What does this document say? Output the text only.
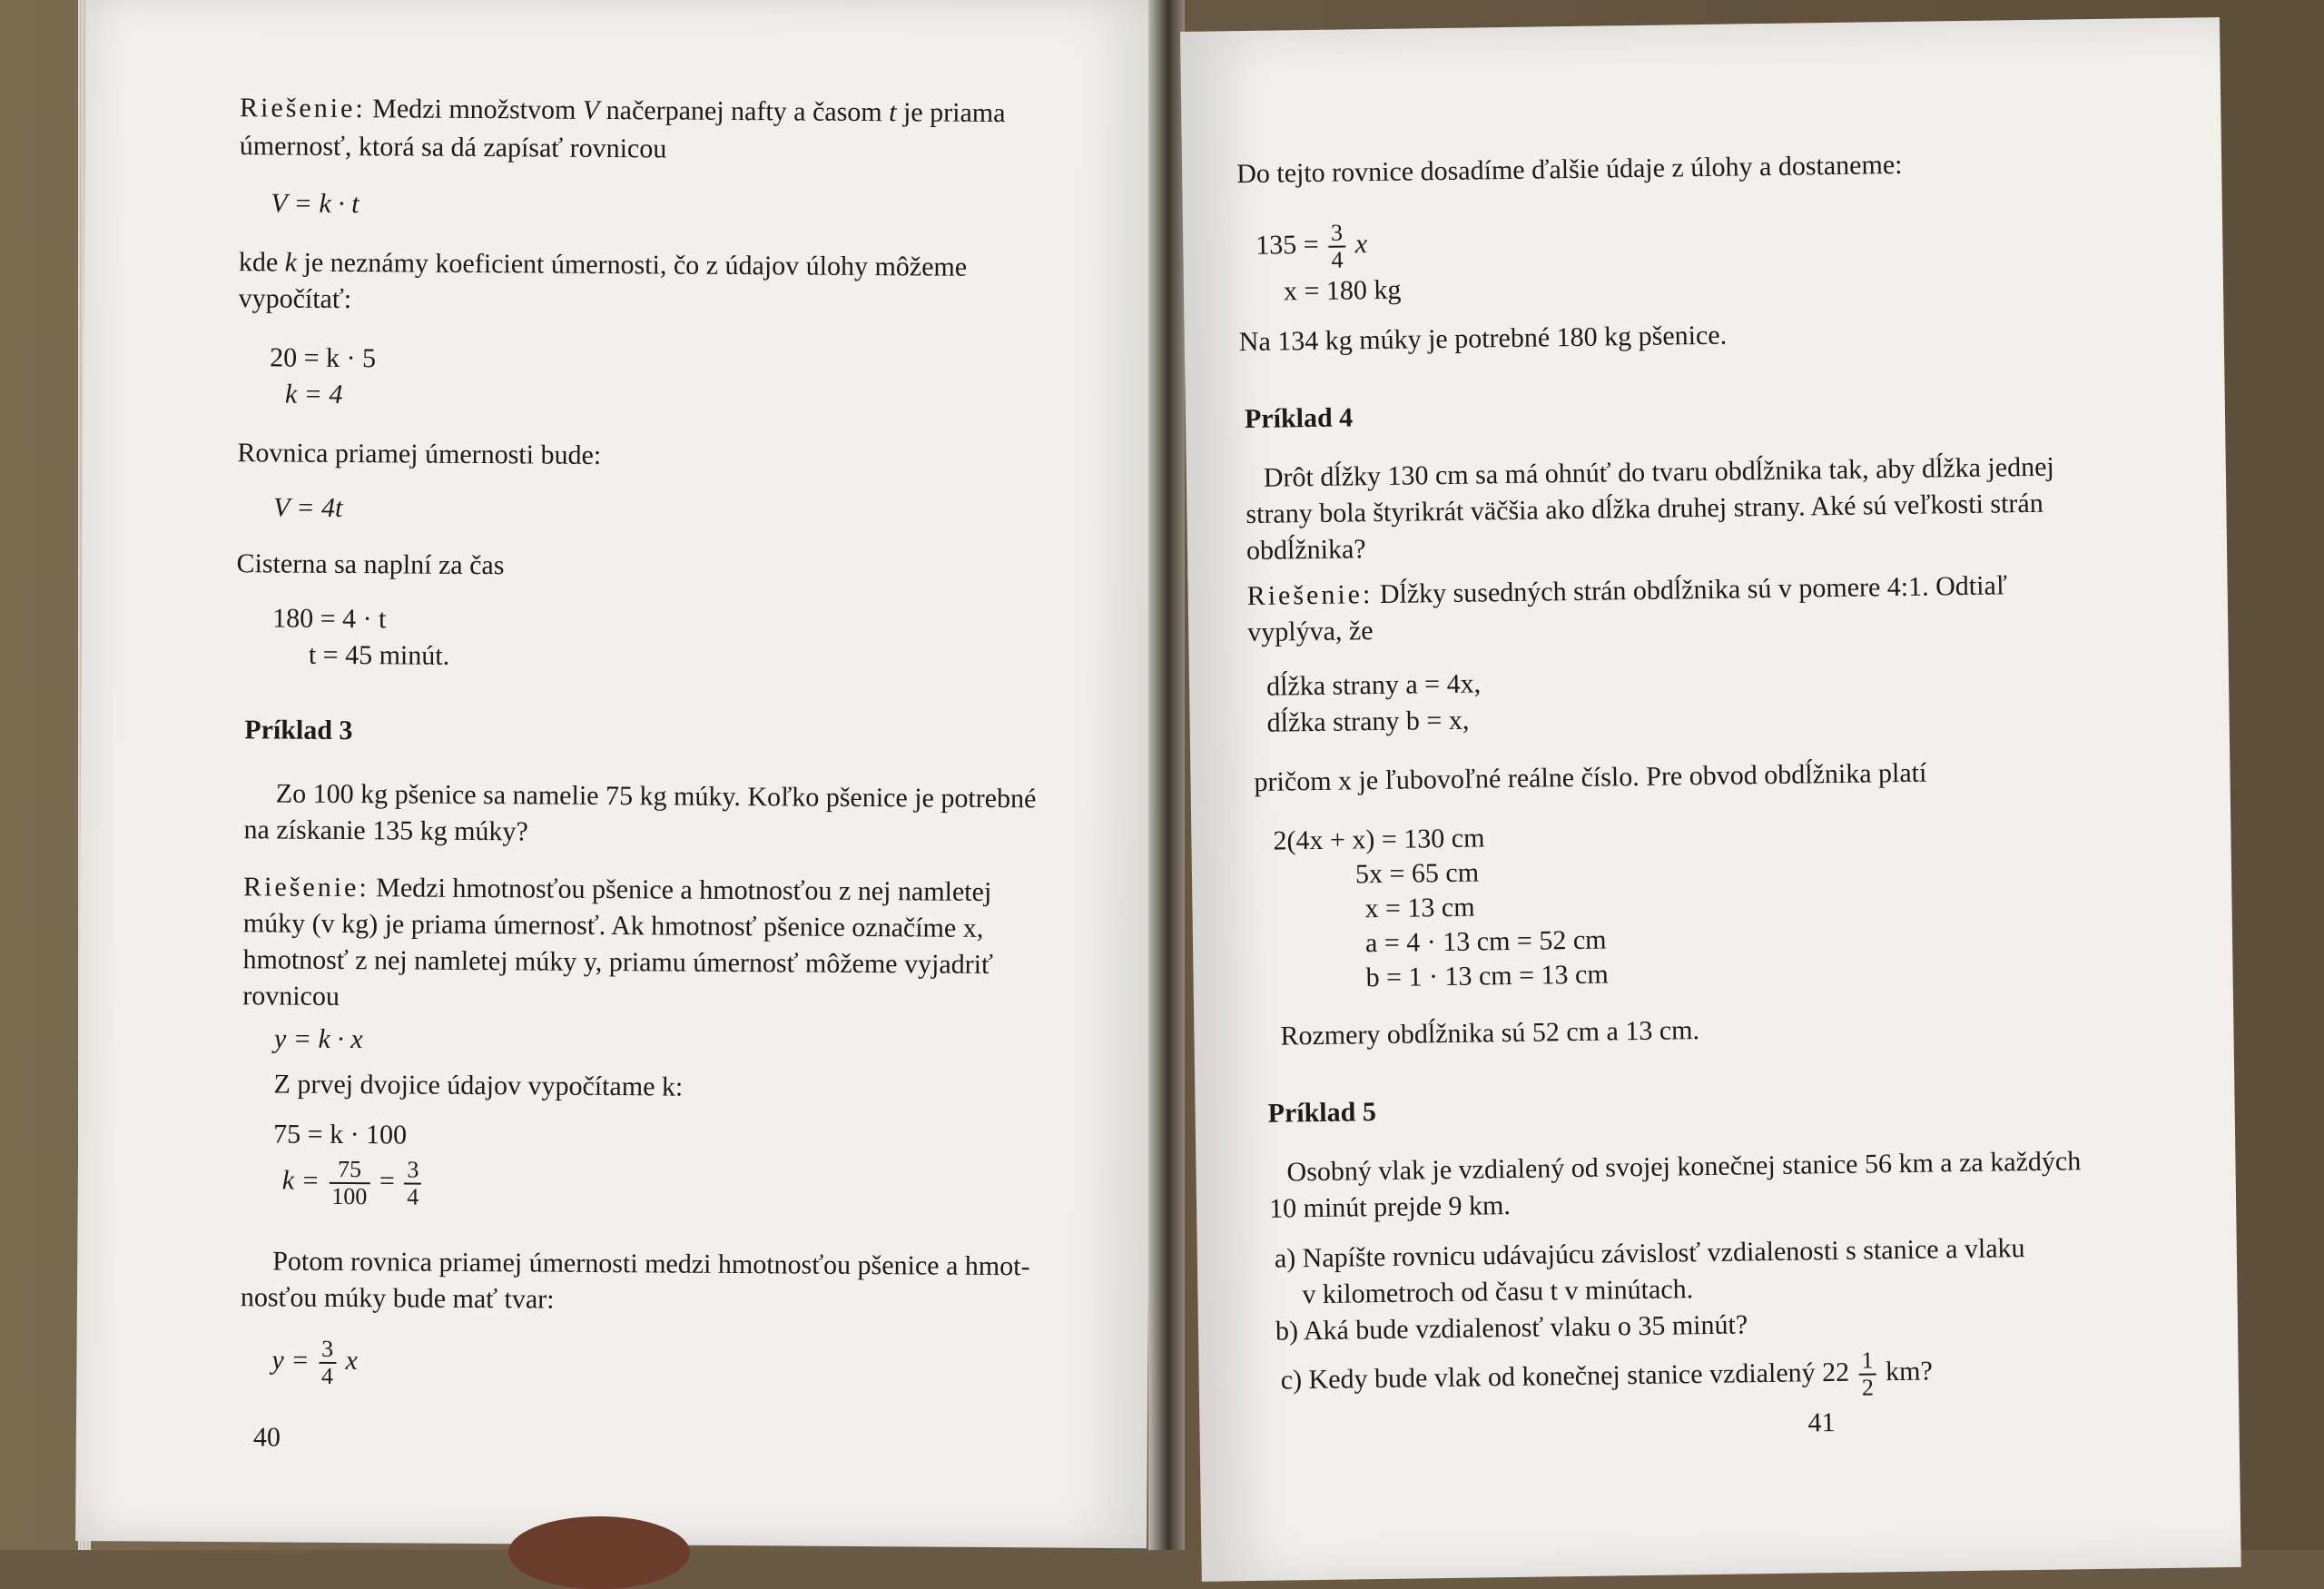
Riešenie: Medzi množstvom V načerpanej nafty a časom t je priama
úmernosť, ktorá sa dá zapísať rovnicou
V = k · t
kde k je neznámy koeficient úmernosti, čo z údajov úlohy môžeme
vypočítať:
20 = k · 5
k = 4
Rovnica priamej úmernosti bude:
V = 4t
Cisterna sa naplní za čas
180 = 4 · t
t = 45 minút.
Príklad 3
Zo 100 kg pšenice sa namelie 75 kg múky. Koľko pšenice je potrebné
na získanie 135 kg múky?
Riešenie: Medzi hmotnosťou pšenice a hmotnosťou z nej namletej
múky (v kg) je priama úmernosť. Ak hmotnosť pšenice označíme x,
hmotnosť z nej namletej múky y, priamu úmernosť môžeme vyjadriť
rovnicou
y = k · x
Z prvej dvojice údajov vypočítame k:
75 = k · 100
$k = \frac{75}{100} = \frac{3}{4}$
Potom rovnica priamej úmernosti medzi hmotnosťou pšenice a hmot-
nosťou múky bude mať tvar:
$y = \frac{3}{4}$ x
40
Do tejto rovnice dosadíme ďalšie údaje z úlohy a dostaneme:
$135 = \frac{3}{4}$ x
x = 180 kg
Na 134 kg múky je potrebné 180 kg pšenice.
Príklad 4
Drôt dĺžky 130 cm sa má ohnúť do tvaru obdĺžnika tak, aby dĺžka jednej
strany bola štyrikrát väčšia ako dĺžka druhej strany. Aké sú veľkosti strán
obdĺžnika?
Riešenie: Dĺžky susedných strán obdĺžnika sú v pomere 4:1. Odtiaľ
vyplýva, že
dĺžka strany a = 4x,
dĺžka strany b = x,
pričom x je ľubovoľné reálne číslo. Pre obvod obdĺžnika platí
2(4x + x) = 130 cm
5x = 65 cm
x = 13 cm
a = 4 · 13 cm = 52 cm
b = 1 · 13 cm = 13 cm
Rozmery obdĺžnika sú 52 cm a 13 cm.
Príklad 5
Osobný vlak je vzdialený od svojej konečnej stanice 56 km a za každých
10 minút prejde 9 km.
a) Napíšte rovnicu udávajúcu závislosť vzdialenosti s stanice a vlaku
v kilometroch od času t v minútach.
b) Aká bude vzdialenosť vlaku o 35 minút?
c) Kedy bude vlak od konečnej stanice vzdialený $22 \frac{1}{2}$ km?
41
